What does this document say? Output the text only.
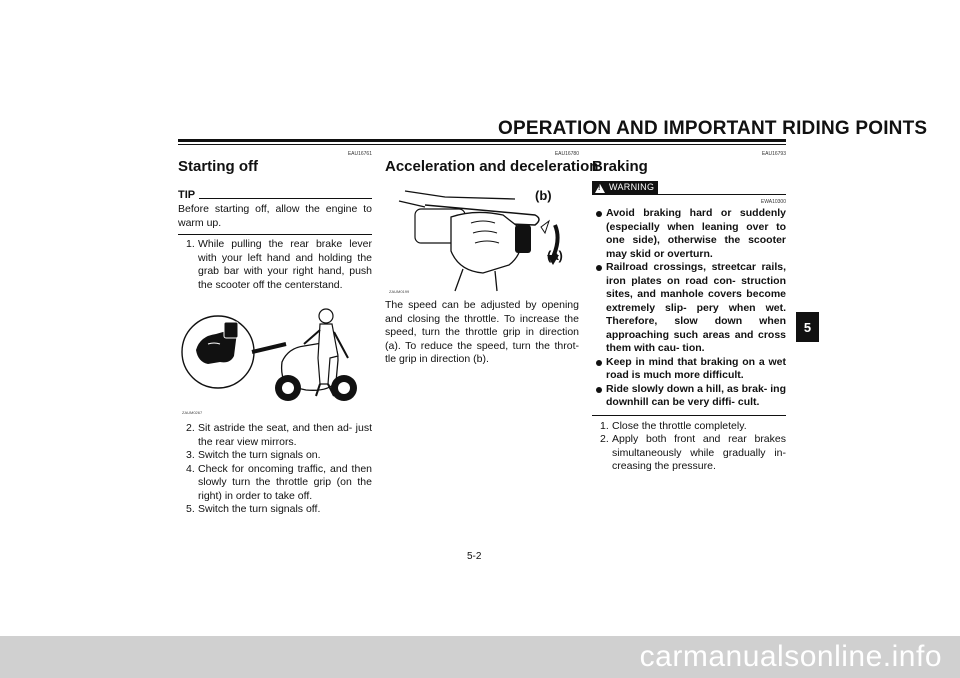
OPERATION AND IMPORTANT RIDING POINTS
5
EAU16761
Starting off
TIP
Before starting off, allow the engine to warm up.
1. While pulling the rear brake lever with your left hand and holding the grab bar with your right hand, push the scooter off the centerstand.
ZAUM0267
2. Sit astride the seat, and then ad- just the rear view mirrors.
3. Switch the turn signals on.
4. Check for oncoming traffic, and then slowly turn the throttle grip (on the right) in order to take off.
5. Switch the turn signals off.
EAU16780
Acceleration and deceleration
(b)
(a)
ZAUM0199
The speed can be adjusted by opening and closing the throttle. To increase the speed, turn the throttle grip in direction (a). To reduce the speed, turn the throt- tle grip in direction (b).
EAU16793
Braking
!
WARNING
EWA10300
Avoid braking hard or suddenly (especially when leaning over to one side), otherwise the scooter may skid or overturn.
Railroad crossings, streetcar rails, iron plates on road con- struction sites, and manhole covers become extremely slip- pery when wet. Therefore, slow down when approaching such areas and cross them with cau- tion.
Keep in mind that braking on a wet road is much more difficult.
Ride slowly down a hill, as brak- ing downhill can be very diffi- cult.
1. Close the throttle completely.
2. Apply both front and rear brakes simultaneously while gradually in- creasing the pressure.
5-2
carmanualsonline.info
